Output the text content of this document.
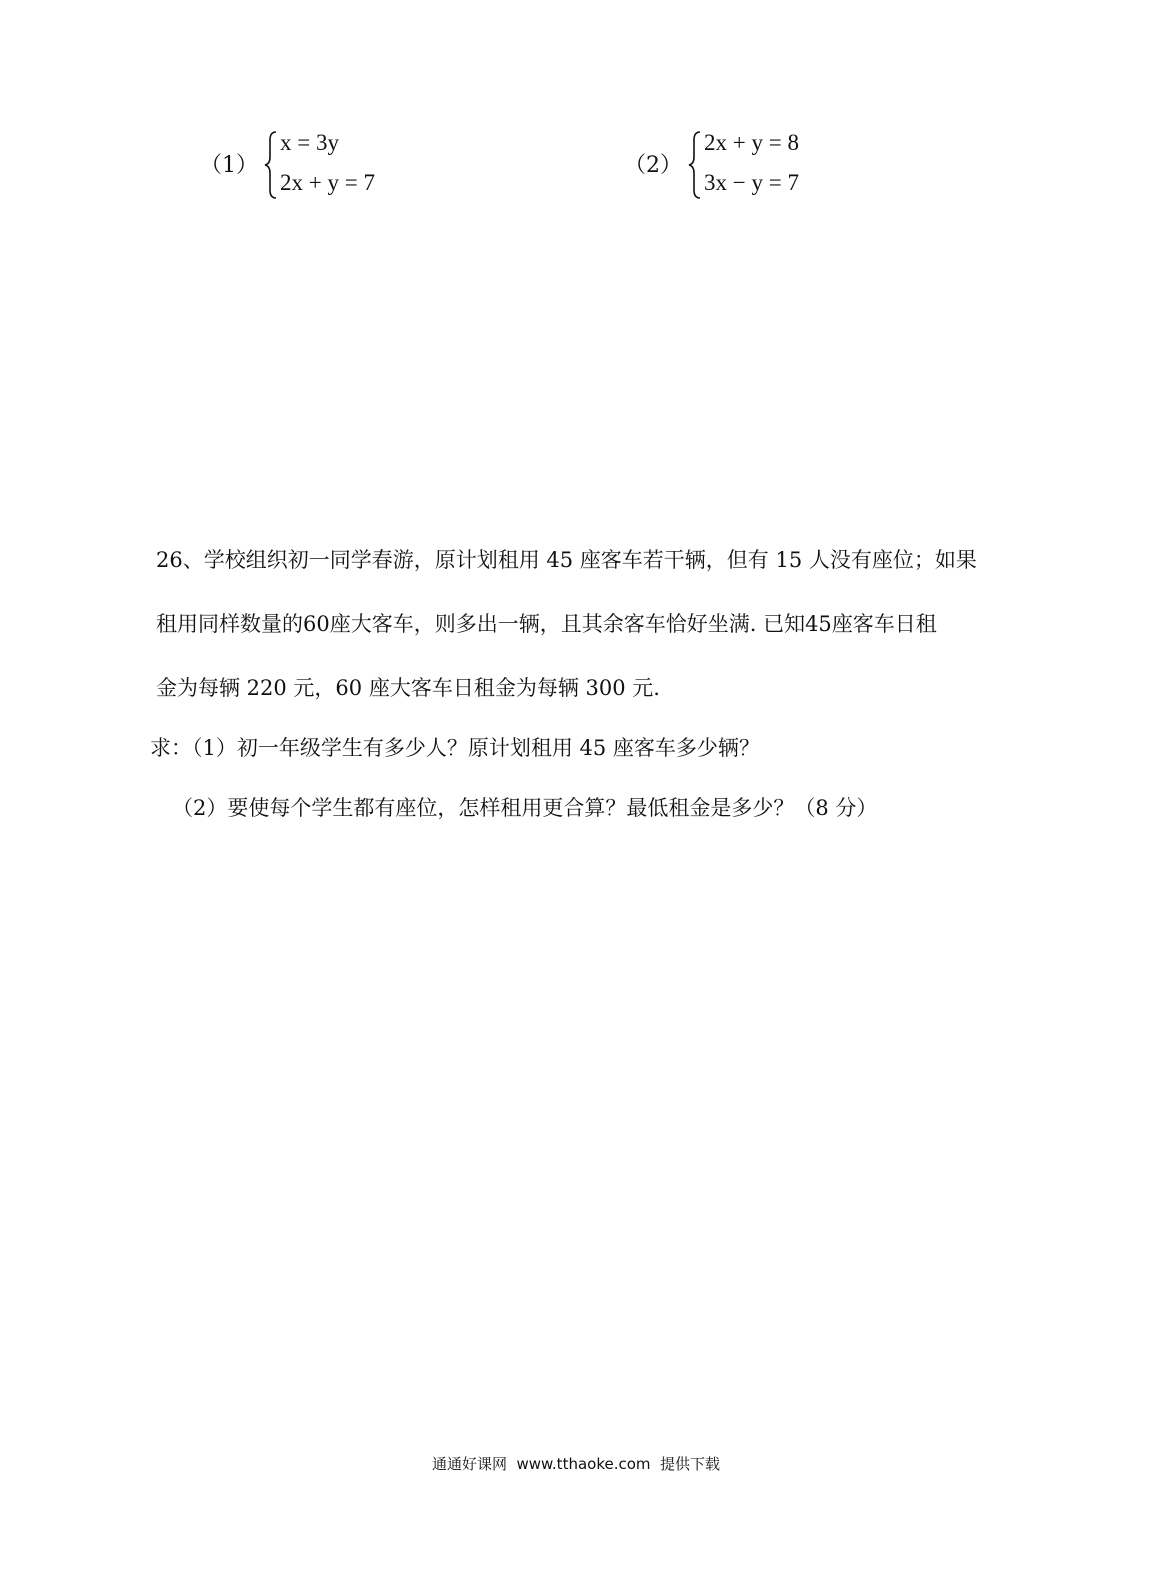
（1）
x = 3y
2x + y = 7
（2）
2x + y = 8
3x − y = 7
26、学校组织初一同学春游，原计划租用 45 座客车若干辆，但有 15 人没有座位；如果
租用同样数量的60座大客车，则多出一辆，且其余客车恰好坐满. 已知45座客车日租
金为每辆 220 元，60 座大客车日租金为每辆 300 元.
求：（1）初一年级学生有多少人？原计划租用 45 座客车多少辆？
（2）要使每个学生都有座位，怎样租用更合算？最低租金是多少？（8 分）
通通好课网  www.tthaoke.com  提供下载
